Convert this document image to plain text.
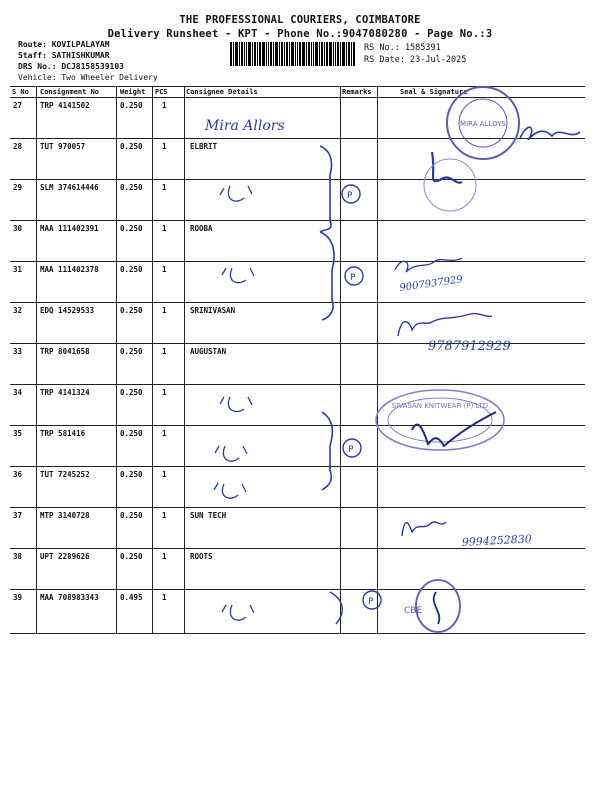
THE PROFESSIONAL COURIERS, COIMBATORE
Delivery Runsheet - KPT - Phone No.:9047080280 - Page No.:3
Route: KOVILPALAYAM
Staff: SATHISHKUMAR
DRS No.: DCJ8158539103
Vehicle: Two Wheeler Delivery
RS No.: 1585391
RS Date: 23-Jul-2025
S No Consignment No	Weight PCS	Consignee Details	Remarks	Seal & Signature
27 TRP 4141502	0.250	1
28 TUT 970057	0.250	1	ELBRIT
29 SLM 374614446	0.250	1
30 MAA 111402391	0.250	1	ROOBA
31 MAA 111402378	0.250	1
32 EDQ 14529533	0.250	1	SRINIVASAN
33 TRP 8041658	0.250	1	AUGUSTAN
34 TRP 4141324	0.250	1
35 TRP 581416	0.250	1
36 TUT 7245252	0.250	1
37 MTP 3140728	0.250	1	SUN TECH
38 UPT 2289626	0.250	1	ROOTS
39 MAA 708983343	0.495	1
Mira Allors	MIRA ALLOYS
P
P	9007937929
9787912929
SIVASAN KNITWEAR (P) LTD
P
9994252830
CBE
P
